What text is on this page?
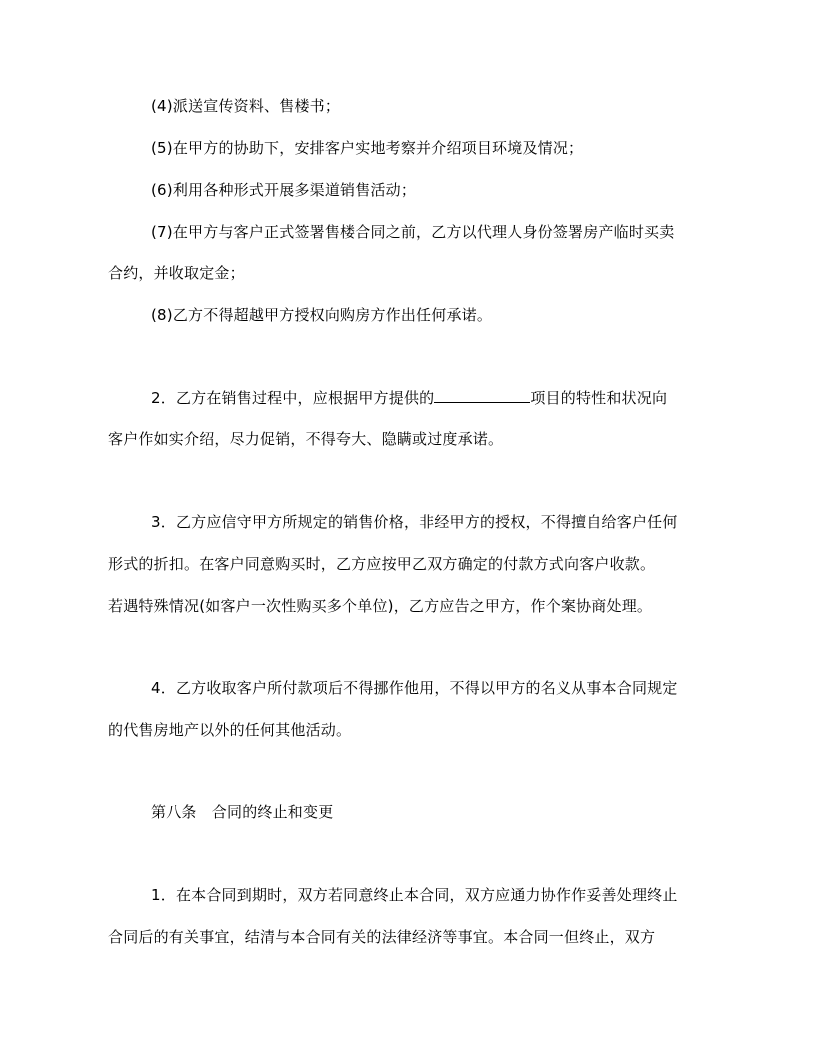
(4)派送宣传资料、售楼书；

(5)在甲方的协助下，安排客户实地考察并介绍项目环境及情况；

(6)利用各种形式开展多渠道销售活动；

(7)在甲方与客户正式签署售楼合同之前，乙方以代理人身份签署房产临时买卖

合约，并收取定金；

(8)乙方不得超越甲方授权向购房方作出任何承诺。

2．乙方在销售过程中，应根据甲方提供的	项目的特性和状况向

客户作如实介绍，尽力促销，不得夸大、隐瞒或过度承诺。

3．乙方应信守甲方所规定的销售价格，非经甲方的授权，不得擅自给客户任何

形式的折扣。在客户同意购买时，乙方应按甲乙双方确定的付款方式向客户收款。

若遇特殊情况(如客户一次性购买多个单位)，乙方应告之甲方，作个案协商处理。

4．乙方收取客户所付款项后不得挪作他用，不得以甲方的名义从事本合同规定

的代售房地产以外的任何其他活动。

第八条　合同的终止和变更

1．在本合同到期时，双方若同意终止本合同，双方应通力协作作妥善处理终止

合同后的有关事宜，结清与本合同有关的法律经济等事宜。本合同一但终止，双方
